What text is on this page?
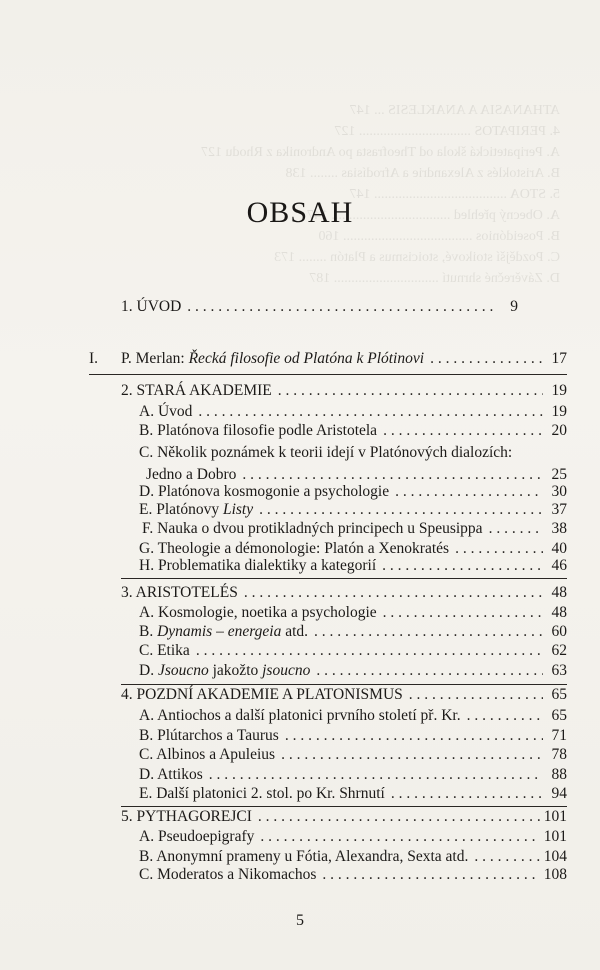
ATHANASIA A ANAKLESIS ... 147
4. PERIPATOS ................................ 127
A. Peripatetická škola od Theofrasta po Andronika z Rhodu 127
B. Aristoklés z Alexandrie a Afrodísias ........ 138
5. STOA ...................................... 147
A. Obecný přehled .................................. 147
B. Poseidónios ..................................... 160
C. Pozdější stoikové, stoicismus a Platón ........ 173
D. Závěrečné shrnutí .............................. 187
OBSAH
1. ÚVOD . . .	9
I. P. Merlan: Řecká filosofie od Platóna k Plótinovi . . .	17
2. STARÁ AKADEMIE . . .	19
A. Úvod . . .	19
B. Platónova filosofie podle Aristotela . . .	20
C. Několik poznámek k teorii idejí v Platónových dialozích:
Jedno a Dobro . . .	25
D. Platónova kosmogonie a psychologie . . .	30
E. Platónovy Listy . . .	37
F. Nauka o dvou protikladných principech u Speusippa . . .	38
G. Theologie a démonologie: Platón a Xenokratés . . .	40
H. Problematika dialektiky a kategorií . . .	46
3. ARISTOTELÉS . . .	48
A. Kosmologie, noetika a psychologie . . .	48
B. Dynamis – energeia atd. . . .	60
C. Etika . . .	62
D. Jsoucno jakožto jsoucno . . .	63
4. POZDNÍ AKADEMIE A PLATONISMUS . . .	65
A. Antiochos a další platonici prvního století př. Kr. . . .	65
B. Plútarchos a Taurus . . .	71
C. Albinos a Apuleius . . .	78
D. Attikos . . .	88
E. Další platonici 2. stol. po Kr. Shrnutí . . .	94
5. PYTHAGOREJCI . . .	101
A. Pseudoepigrafy . . .	101
B. Anonymní prameny u Fótia, Alexandra, Sexta atd. . . .	104
C. Moderatos a Nikomachos . . .	108
5
